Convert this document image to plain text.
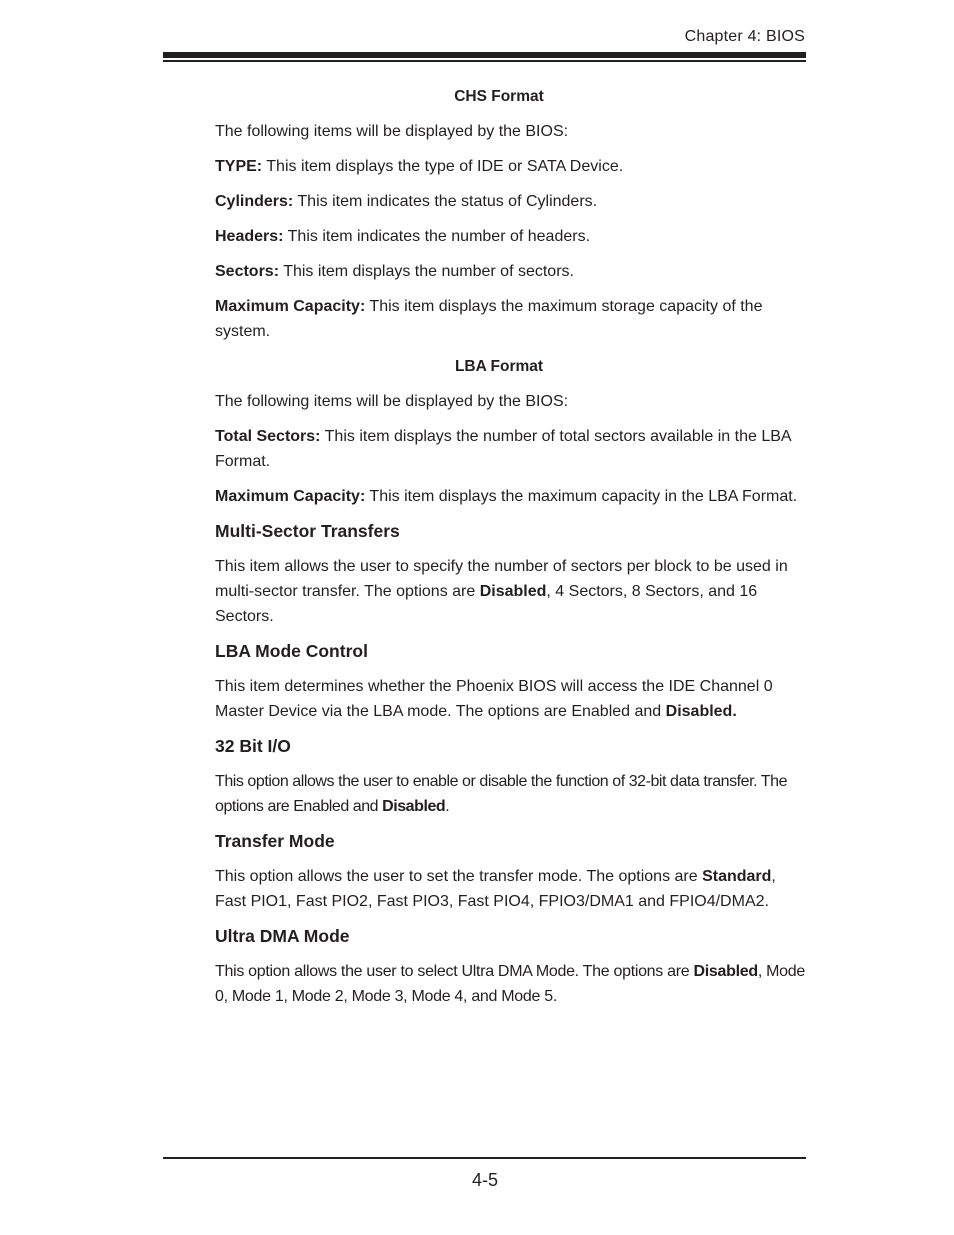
Chapter 4: BIOS
CHS Format

The following items will be displayed by the BIOS:

TYPE: This item displays the type of IDE or SATA Device.

Cylinders: This item indicates the status of Cylinders.

Headers: This item indicates the number of headers.

Sectors: This item displays the number of sectors.

Maximum Capacity: This item displays the maximum storage capacity of the system.

LBA Format

The following items will be displayed by the BIOS:

Total Sectors: This item displays the number of total sectors available in the LBA Format.

Maximum Capacity: This item displays the maximum capacity in the LBA Format.

Multi-Sector Transfers

This item allows the user to specify the number of sectors per block to be used in multi-sector transfer. The options are Disabled, 4 Sectors, 8 Sectors, and 16 Sectors.

LBA Mode Control

This item determines whether the Phoenix BIOS will access the IDE Channel 0 Master Device via the LBA mode. The options are Enabled and Disabled.

32 Bit I/O

This option allows the user to enable or disable the function of 32-bit data transfer. The options are Enabled and Disabled.

Transfer Mode

This option allows the user to set the transfer mode. The options are Standard, Fast PIO1, Fast PIO2, Fast PIO3, Fast PIO4, FPIO3/DMA1 and FPIO4/DMA2.

Ultra DMA Mode

This option allows the user to select Ultra DMA Mode. The options are Disabled, Mode 0, Mode 1, Mode 2, Mode 3, Mode 4, and Mode 5.

4-5
